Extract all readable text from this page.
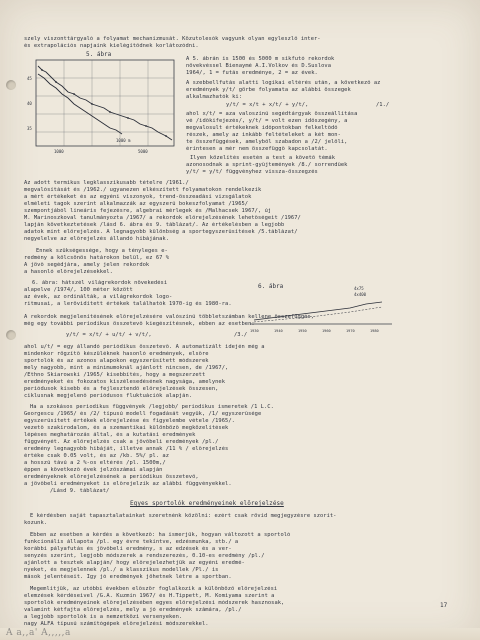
5. ábra
45
40
35
1000	5000
1000 m
6. ábra	4x75
4x400
1930	1940	1950	1960	1970	1980
szely viszonttárgyaló a folyamat mechanizmusát. Közutolesók vagyunk olyan egyleszlő inter-
és extrapolációs napjaink kielégítődnek korlátozódni.
A 5. ábrán is 1500 és 5000 m síkfutó rekordok
növekvéssel Bienaymé A.I.Volkov és D.Suslova
1964/, 1 = futás eredménye, 2 = az évek.
A szebbellfutás alatti logikai eltérés után, a következő az
eredmények y/t/ görbe folyamata az alábbi összegek
alkalmazhatók ki:
y/t/ = x/t + x/t/ + y/t/,	/1./
ahol x/t/ = aza valoszínű segédtárgyak összeállítása
vé /időkifejezés/, y/t/ = volt ezen időszegény, a
megvalosult értékeknek időpontokban felkeltődő
részek, amely az inkább feltételeket a két mon-
te összefüggések, amelyből szabadon a /2/ jelöli,
érintesen a mér nem összefüggő kapcsolatát.
Ilyen közelítés esetén a test a követő témák
azonosodnak a sprint-gyűjtemények /8./ sorrendűek
y/t/ = y/t/ függvényhez vissza-összegzés
Az adott termikus legklasszikusabb tételre /1961./
megvalósítását és /1962./ ugyanezen elkészített folyamatokon rendelkezik
a mért értékeket és az egyéni viszonyok, trend-összeadási vizsgálatok
elméleti tagok szerint alkalmazzák az egyszerű bokeszfolyamat /1965/
szempontjából lineáris fejezésre, algebrai mérlegek és /Malhacsek 1967/, új
M. Marinoszkoval tanulmányozta /1967/ a rekordok előrejelzésének lehetőségeit /1967/
lapján következtetések /lásd 6. ábra és 9. táblázat/. Az értékelésben a legjobb
adatok mint előrejelzés. A legnagyobb különbség a sportegyszerűsítések /5.táblázat/
negyelelve az előrejelzés állandó hibájának.
Ennek szükségessége, hogy a tényleges e-
redmény a kölcsönös határokon belül, ez 67 %
A jövő segédjára, amely jelen rekordok
a hasonló előrejelzésekkel.
6. ábra: hátszél világrekordok növekedési
alapelve /1974/, 100 méter között
az évek, az ordinálták, a világrekordok logo-
ritmusai, a lerövidített értékek találhatók 1970-ig és 1980-ra.
A rekordok megjelenítésének előrejelzésére valószínű többletszámban kellene összefüggés,
még egy további periodikus összetevő kiegészítésnek, ebben az esetben:
y/t/ = x/t/ + u/t/ + v/t/,	/3./
ahol u/t/ = egy állandó periódikus összetevő. A automatizált idején még a
mindenkor rögzítő készüléknek hasonló eredmények, elsőre
sportolók és az azonos alapokon egyszerűsített módszerek
mely nagyobb, mint a minimumoknál ajánlott nincsen, de /1967/,
/Ethno Skiarowski /1965/ kisebbítés, hogy a megszerzett
eredményeket és fokozatos kiszélesedésének nagysága, amelynek
periódusok kisebb és a fejlesztendő előrejelzések összesen,
ciklusnak megjelenő periódusos fluktuációk alapján.
Ha a szokásos periodikus függvények /legjobb/ periodikus ismeretek /1 L.C.
Georgescu /1965/ és /2/ típusú modell fogadását vegyük, /1/ egyszerűsége
egyszerűsített értékek előrejelzése és figyelembe vétele /1965/.
vezető szakirodalom, és a szemantikai különböző megközelítések
lépéses meghatározás által, és a kutatási eredmények
függvényét. Az előrejelzés csak a jövőbeli eredmények /pl./
eredmény legnagyobb hibáját, illetve annak /11 % / előrejelzés
értéke csak 0.05 volt, és az /kb. 5%/ pl. az
a hosszú távú a 2 %-os eltérés /pl. 1500m,/
éppen a következő évek jelzőszámai alapján
eredményeknek előrejelzésének a periódikus összetevő,
a jövőbeli eredményeket is előrejelzik az alábbi függvényekkel.
/Lásd 9. táblázat/
Egyes sportolók eredményeinek előrejelzése
E kérdésben saját tapasztalatainkat szeretnénk közölni: ezért csak rövid megjegyzésre szorit-
kozunk.
Ebben az esetben a kérdés a következő: ha ismerjük, hogyan változott a sportoló
funkcionális állapota /pl. egy évre tekintve, edzésmunka, stb./ a
korábbi pályafutás és jövőbeli eredmény, s az edzések és a ver-
senyzés szerint, legjobb módszerek a rendszerezés, 0.10-es eredmény /pl./
ajánlott a tesztek alapján/ hogy előrejelezhetjük az egyéni eredmé-
nyeket, és megjelennek /pl./ a klasszikus modellek /Pl./ is
mások jelentéseit. Így jó eredmények jöhetnek létre a sportban.
Megemlítjük, az utóbbi években először foglalkozik a különböző előrejelzési
elemzések kérdéseivel /G.A. Kuzmin 1967/ és H.Tippett, M. Komiyama szerint a
sportolók eredményeinek előrejelzésében egyes előrejelzési módszerek hasznosak,
valamint kétfajta előrejelzés, mely a jó eredmények számára, /pl./
a legjobb sportolók is a nemzetközi versenyeken.
nagy ALFA típusú számítógépek előrejelzési módszerekkel.
17
A a,,a' A,,,,,a
